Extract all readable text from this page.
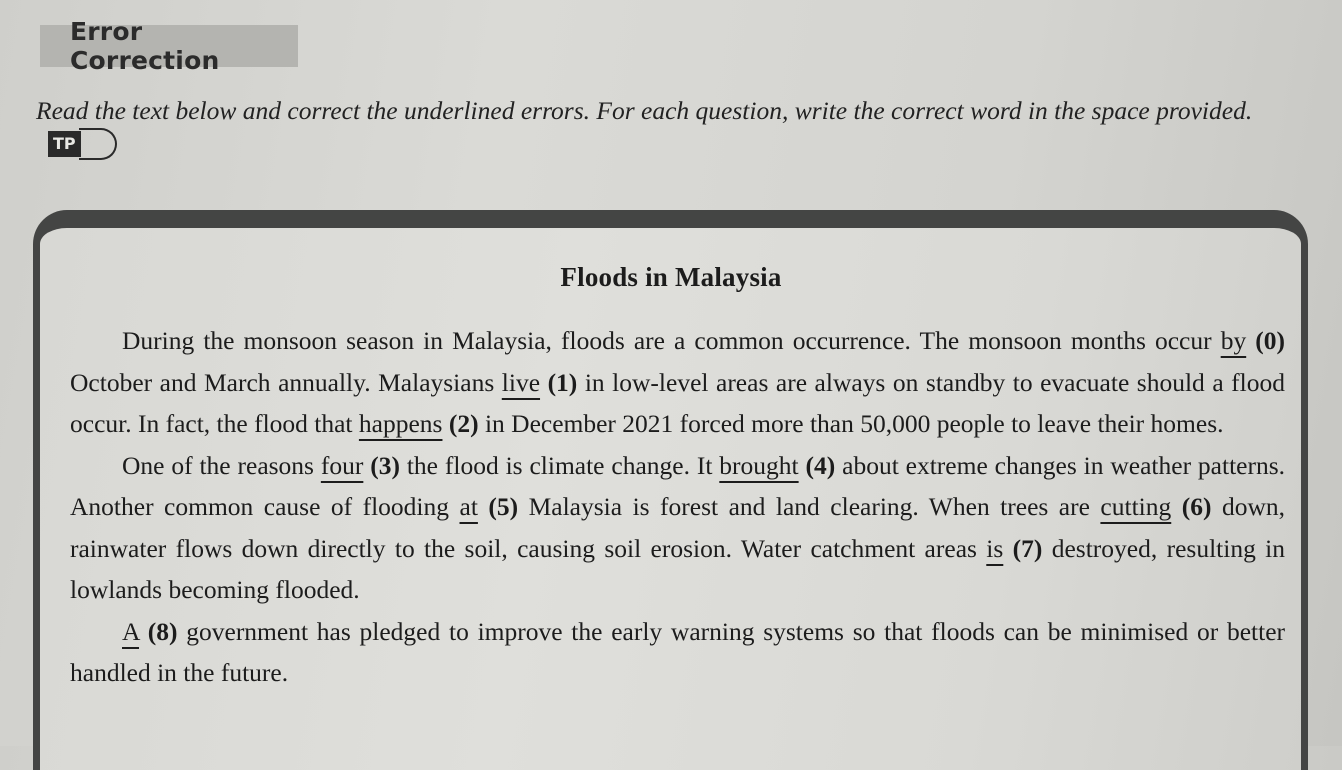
Error Correction
Read the text below and correct the underlined errors. For each question, write the correct word in the space provided.
TP
Floods in Malaysia

During the monsoon season in Malaysia, floods are a common occurrence. The monsoon months occur by (0) October and March annually. Malaysians live (1) in low-level areas are always on standby to evacuate should a flood occur. In fact, the flood that happens (2) in December 2021 forced more than 50,000 people to leave their homes.

One of the reasons four (3) the flood is climate change. It brought (4) about extreme changes in weather patterns. Another common cause of flooding at (5) Malaysia is forest and land clearing. When trees are cutting (6) down, rainwater flows down directly to the soil, causing soil erosion. Water catchment areas is (7) destroyed, resulting in lowlands becoming flooded.

A (8) government has pledged to improve the early warning systems so that floods can be minimised or better handled in the future.
